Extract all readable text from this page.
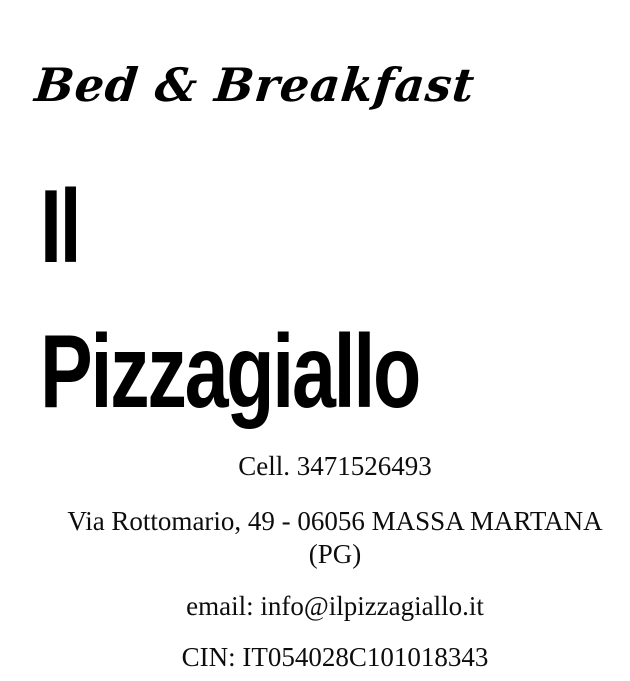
Bed & Breakfast
Il
Pizzagiallo
Cell. 3471526493
Via Rottomario, 49 - 06056 MASSA MARTANA
(PG)
email: info@ilpizzagiallo.it
CIN: IT054028C101018343
